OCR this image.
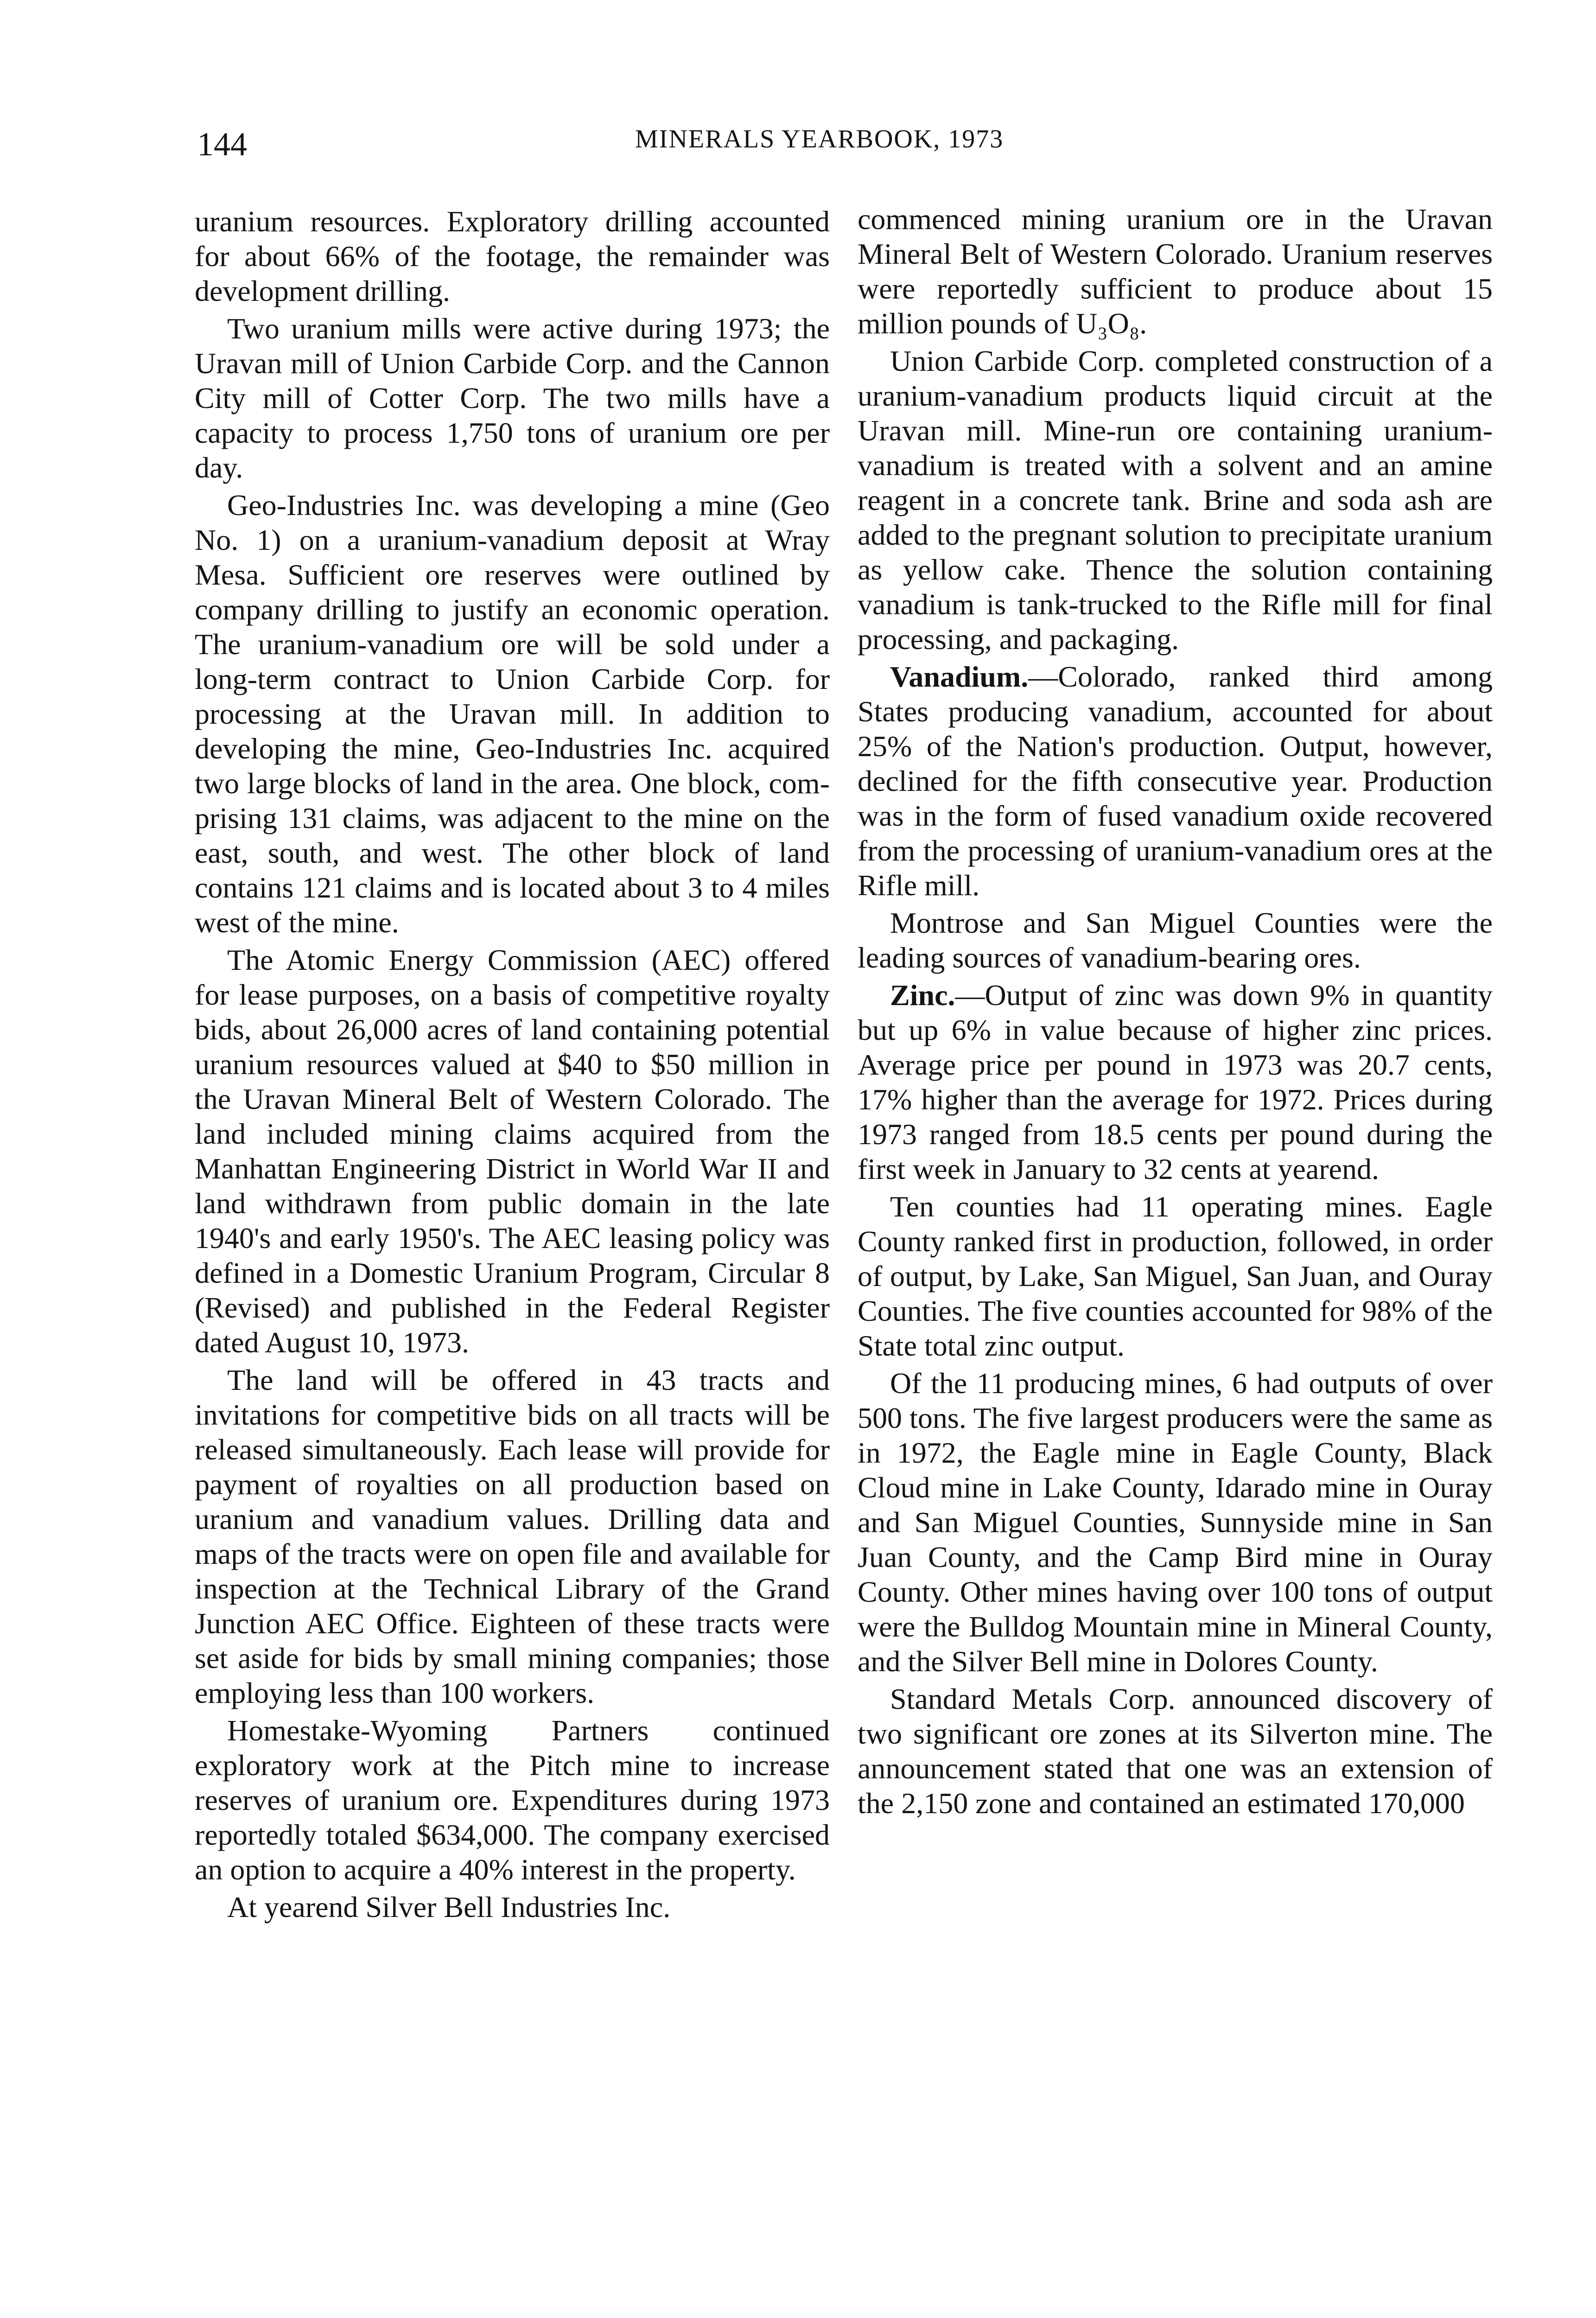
144	MINERALS YEARBOOK, 1973

uranium resources. Exploratory drilling accounted for about 66% of the footage, the remainder was development drilling.

Two uranium mills were active during 1973; the Uravan mill of Union Carbide Corp. and the Cannon City mill of Cotter Corp. The two mills have a capacity to process 1,750 tons of uranium ore per day.

Geo-Industries Inc. was developing a mine (Geo No. 1) on a uranium-vanadium deposit at Wray Mesa. Sufficient ore reserves were outlined by company drilling to justify an economic operation. The uranium-vanadium ore will be sold under a long-term contract to Union Carbide Corp. for processing at the Uravan mill. In addition to developing the mine, Geo-Industries Inc. acquired two large blocks of land in the area. One block, comprising 131 claims, was adjacent to the mine on the east, south, and west. The other block of land contains 121 claims and is located about 3 to 4 miles west of the mine.

The Atomic Energy Commission (AEC) offered for lease purposes, on a basis of competitive royalty bids, about 26,000 acres of land containing potential uranium resources valued at $40 to $50 million in the Uravan Mineral Belt of Western Colorado. The land included mining claims acquired from the Manhattan Engineering District in World War II and land withdrawn from public domain in the late 1940's and early 1950's. The AEC leasing policy was defined in a Domestic Uranium Program, Circular 8 (Revised) and published in the Federal Register dated August 10, 1973.

The land will be offered in 43 tracts and invitations for competitive bids on all tracts will be released simultaneously. Each lease will provide for payment of royalties on all production based on uranium and vanadium values. Drilling data and maps of the tracts were on open file and available for inspection at the Technical Library of the Grand Junction AEC Office. Eighteen of these tracts were set aside for bids by small mining companies; those employing less than 100 workers.

Homestake-Wyoming Partners continued exploratory work at the Pitch mine to increase reserves of uranium ore. Expenditures during 1973 reportedly totaled $634,000. The company exercised an option to acquire a 40% interest in the property.

At yearend Silver Bell Industries Inc.

commenced mining uranium ore in the Uravan Mineral Belt of Western Colorado. Uranium reserves were reportedly sufficient to produce about 15 million pounds of U₃O₈.

Union Carbide Corp. completed construction of a uranium-vanadium products liquid circuit at the Uravan mill. Mine-run ore containing uranium-vanadium is treated with a solvent and an amine reagent in a concrete tank. Brine and soda ash are added to the pregnant solution to precipitate uranium as yellow cake. Thence the solution containing vanadium is tank-trucked to the Rifle mill for final processing, and packaging.

Vanadium.—Colorado, ranked third among States producing vanadium, accounted for about 25% of the Nation's production. Output, however, declined for the fifth consecutive year. Production was in the form of fused vanadium oxide recovered from the processing of uranium-vanadium ores at the Rifle mill.

Montrose and San Miguel Counties were the leading sources of vanadium-bearing ores.

Zinc.—Output of zinc was down 9% in quantity but up 6% in value because of higher zinc prices. Average price per pound in 1973 was 20.7 cents, 17% higher than the average for 1972. Prices during 1973 ranged from 18.5 cents per pound during the first week in January to 32 cents at yearend.

Ten counties had 11 operating mines. Eagle County ranked first in production, followed, in order of output, by Lake, San Miguel, San Juan, and Ouray Counties. The five counties accounted for 98% of the State total zinc output.

Of the 11 producing mines, 6 had outputs of over 500 tons. The five largest producers were the same as in 1972, the Eagle mine in Eagle County, Black Cloud mine in Lake County, Idarado mine in Ouray and San Miguel Counties, Sunnyside mine in San Juan County, and the Camp Bird mine in Ouray County. Other mines having over 100 tons of output were the Bulldog Mountain mine in Mineral County, and the Silver Bell mine in Dolores County.

Standard Metals Corp. announced discovery of two significant ore zones at its Silverton mine. The announcement stated that one was an extension of the 2,150 zone and contained an estimated 170,000
